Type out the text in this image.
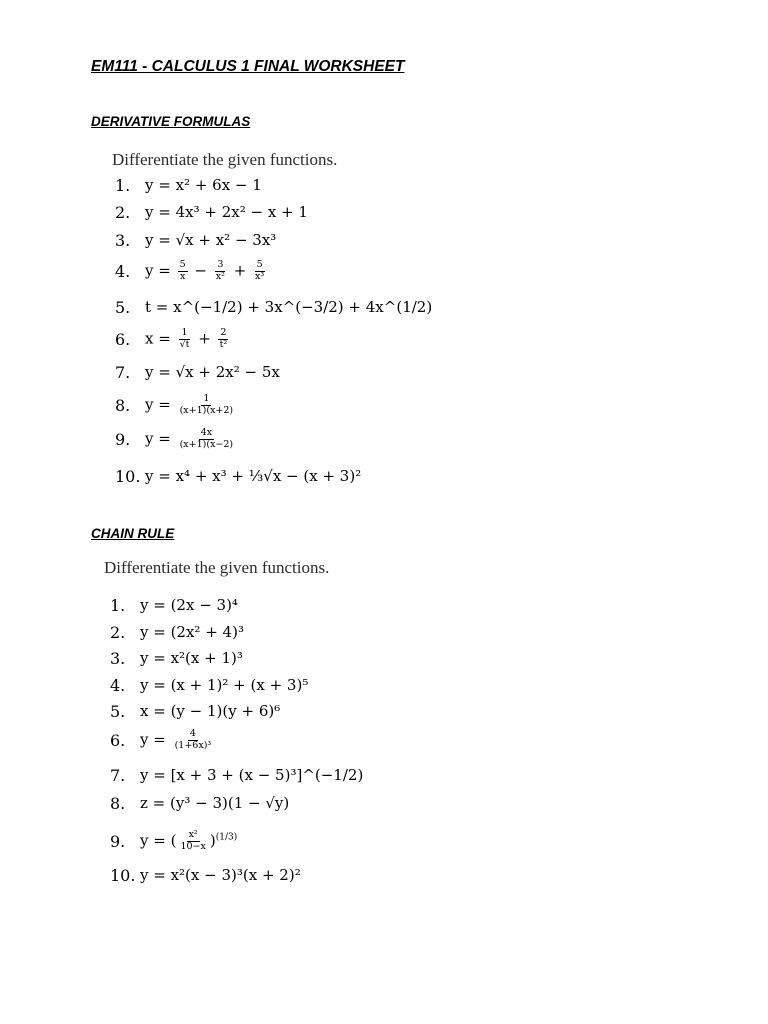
EM111 - CALCULUS 1 FINAL WORKSHEET
DERIVATIVE FORMULAS
Differentiate the given functions.
1. y = x² + 6x − 1
2. y = 4x³ + 2x² − x + 1
3. y = √x + x² − 3x³
4. $y = \frac{5}{x} - \frac{3}{\text{x²}} + \frac{5}{\text{x³}}$
5. t = x^(−1/2) + 3x^(−3/2) + 4x^(1/2)
6. $x = \frac{1}{√t} + \frac{2}{\text{t²}}$
7. y = √x + 2x² − 5x
8. $y = \frac{1}{(x+1)(x+2)}$
9. $y = \frac{4x}{(x+1)(x-2)}$
10. y = x⁴ + x³ + ⅓√x − (x + 3)²
CHAIN RULE
Differentiate the given functions.
1. y = (2x − 3)⁴
2. y = (2x² + 4)³
3. y = x²(x + 1)³
4. y = (x + 1)² + (x + 3)⁵
5. x = (y − 1)(y + 6)⁶
6. $y = \frac{4}{\text{(1+6x)³}}$
7. y = [x + 3 + (x − 5)³]^(−1/2)
8. z = (y³ − 3)(1 − √y)
9. y = ( $\frac{\text{x²}}{10-x} )^{(1/3)}$
10. y = x²(x − 3)³(x + 2)²
